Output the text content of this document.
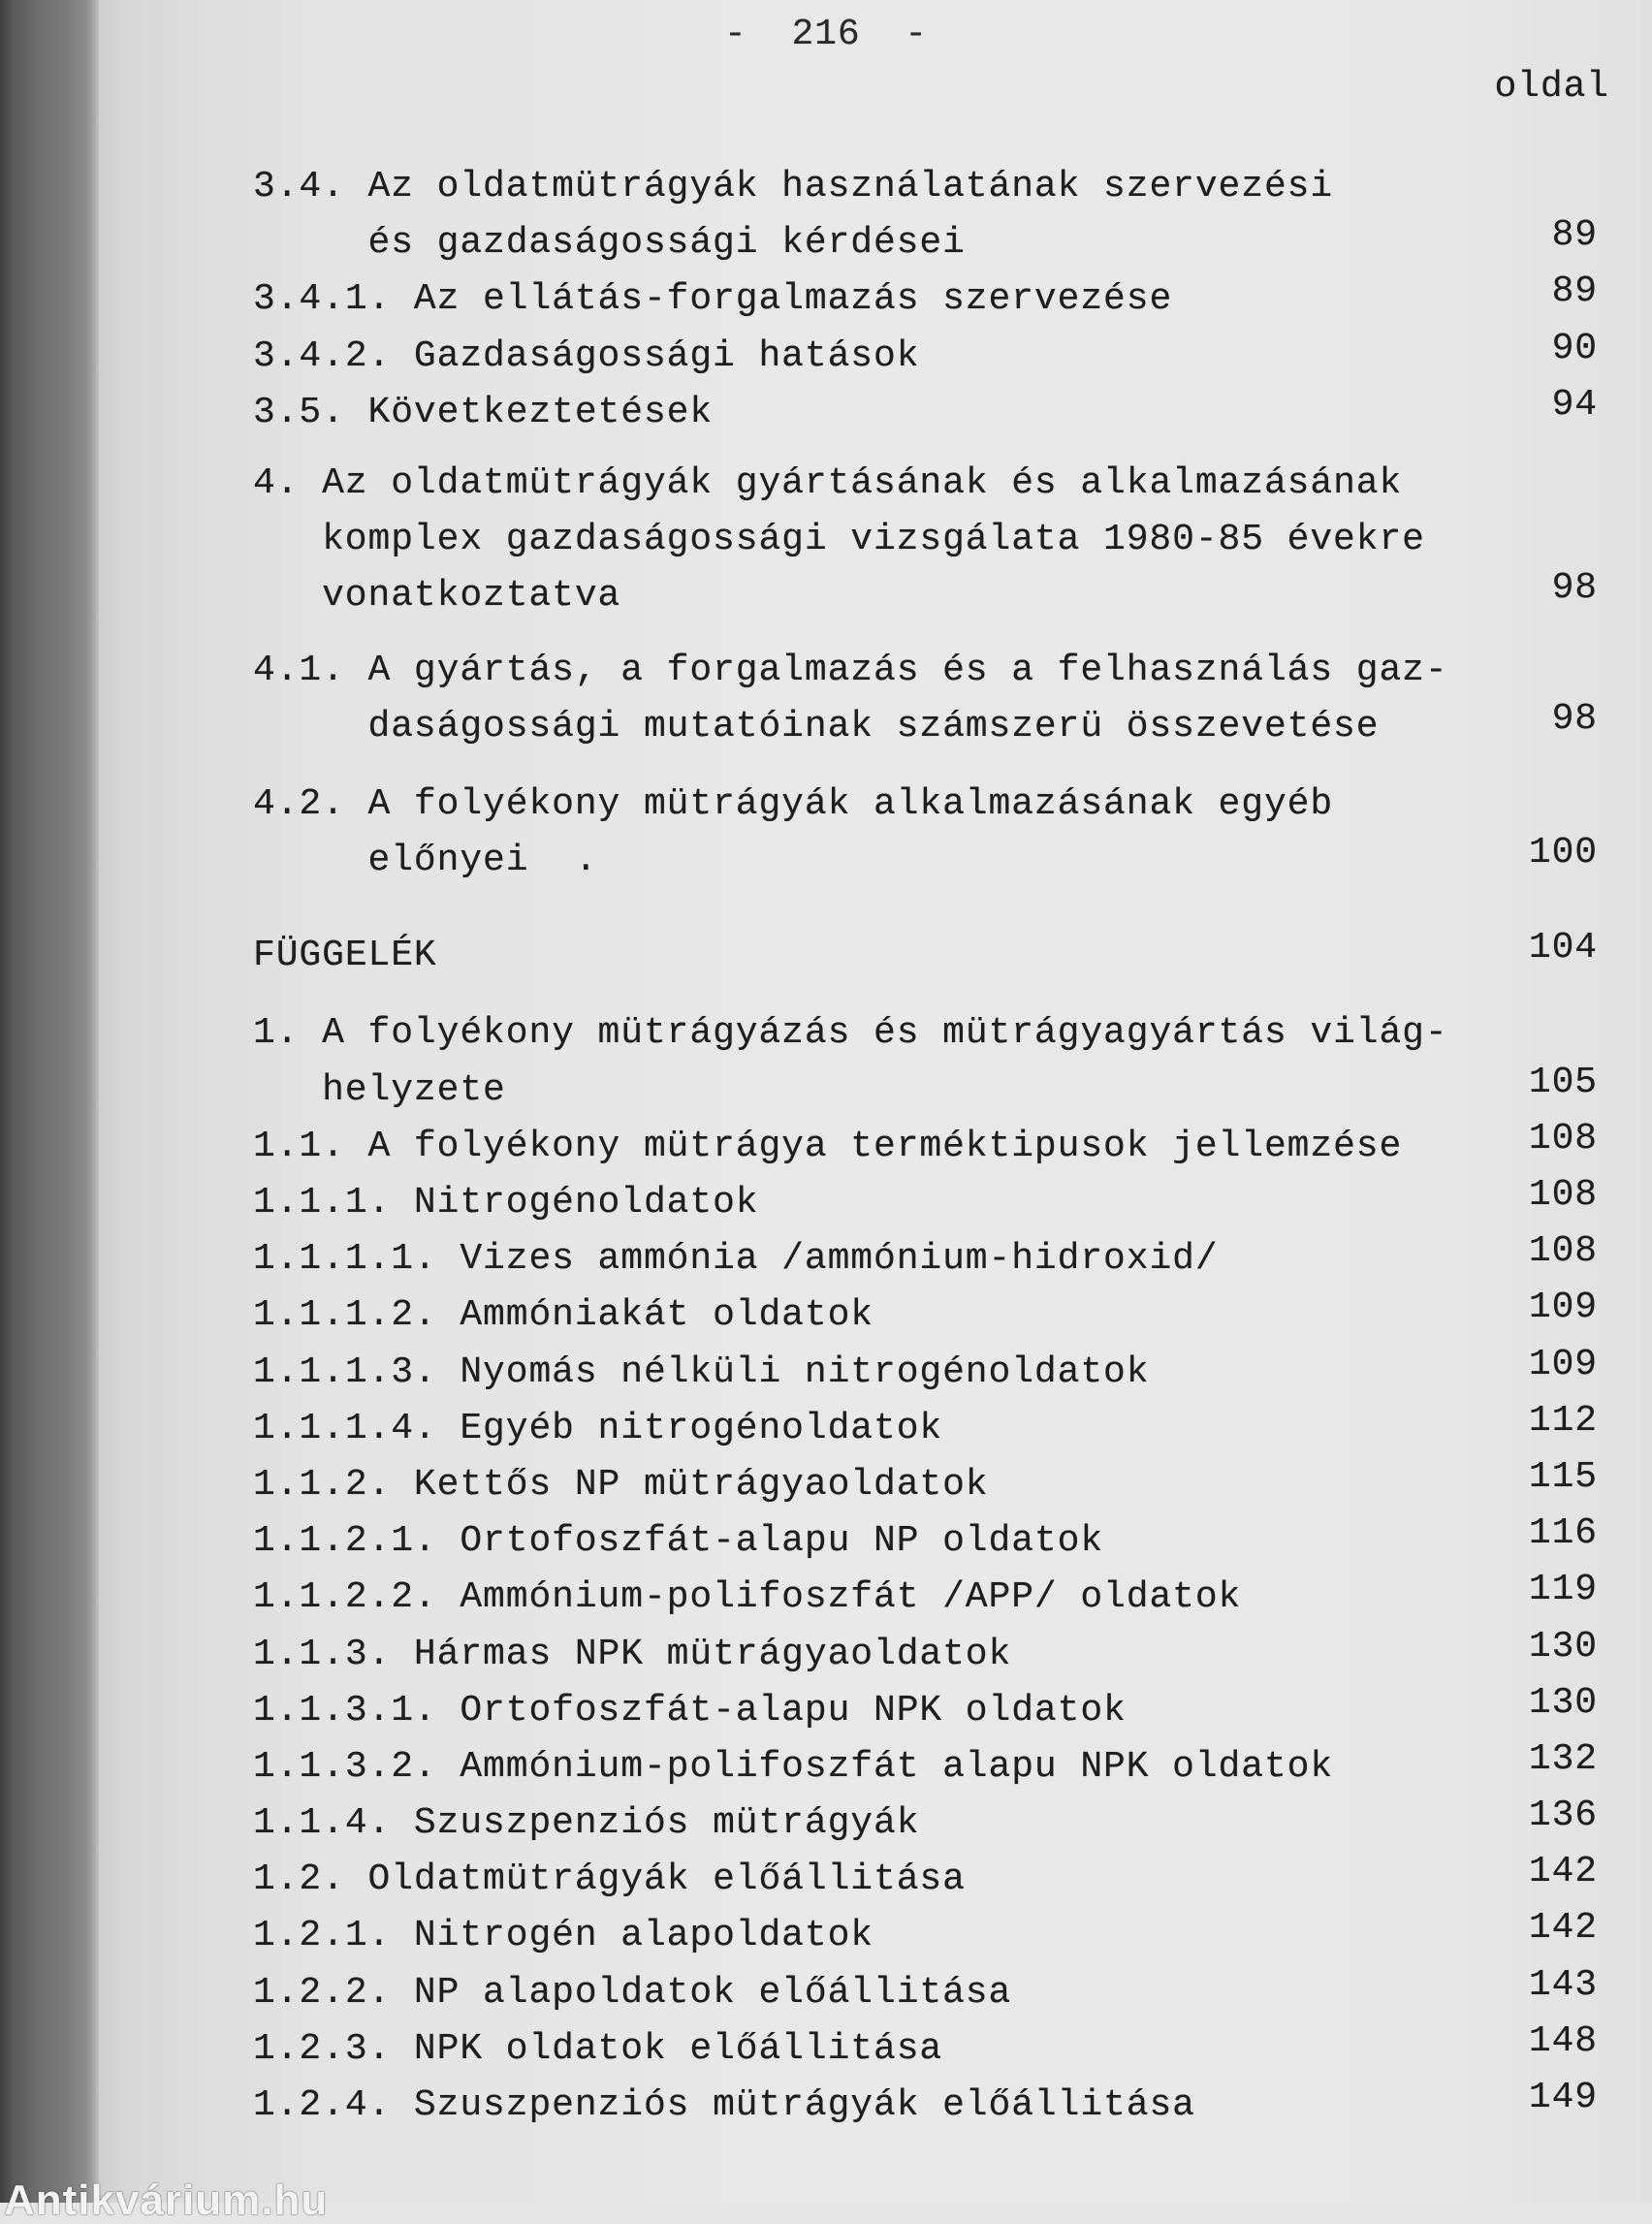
- 216 -
oldal
3.4. Az oldatmütrágyák használatának szervezési
és gazdaságossági kérdései	89
3.4.1. Az ellátás-forgalmazás szervezése	89
3.4.2. Gazdaságossági hatások	90
3.5. Következtetések	94
4. Az oldatmütrágyák gyártásának és alkalmazásának
komplex gazdaságossági vizsgálata 1980-85 évekre
vonatkoztatva	98
4.1. A gyártás, a forgalmazás és a felhasználás gaz-
daságossági mutatóinak számszerü összevetése	98
4.2. A folyékony mütrágyák alkalmazásának egyéb
előnyei  .	100
FÜGGELÉK	104
1. A folyékony mütrágyázás és mütrágyagyártás világ-
helyzete	105
1.1. A folyékony mütrágya terméktipusok jellemzése	108
1.1.1. Nitrogénoldatok	108
1.1.1.1. Vizes ammónia /ammónium-hidroxid/	108
1.1.1.2. Ammóniakát oldatok	109
1.1.1.3. Nyomás nélküli nitrogénoldatok	109
1.1.1.4. Egyéb nitrogénoldatok	112
1.1.2. Kettős NP mütrágyaoldatok	115
1.1.2.1. Ortofoszfát-alapu NP oldatok	116
1.1.2.2. Ammónium-polifoszfát /APP/ oldatok	119
1.1.3. Hármas NPK mütrágyaoldatok	130
1.1.3.1. Ortofoszfát-alapu NPK oldatok	130
1.1.3.2. Ammónium-polifoszfát alapu NPK oldatok	132
1.1.4. Szuszpenziós mütrágyák	136
1.2. Oldatmütrágyák előállitása	142
1.2.1. Nitrogén alapoldatok	142
1.2.2. NP alapoldatok előállitása	143
1.2.3. NPK oldatok előállitása	148
1.2.4. Szuszpenziós mütrágyák előállitása	149
Antikvárium.hu
